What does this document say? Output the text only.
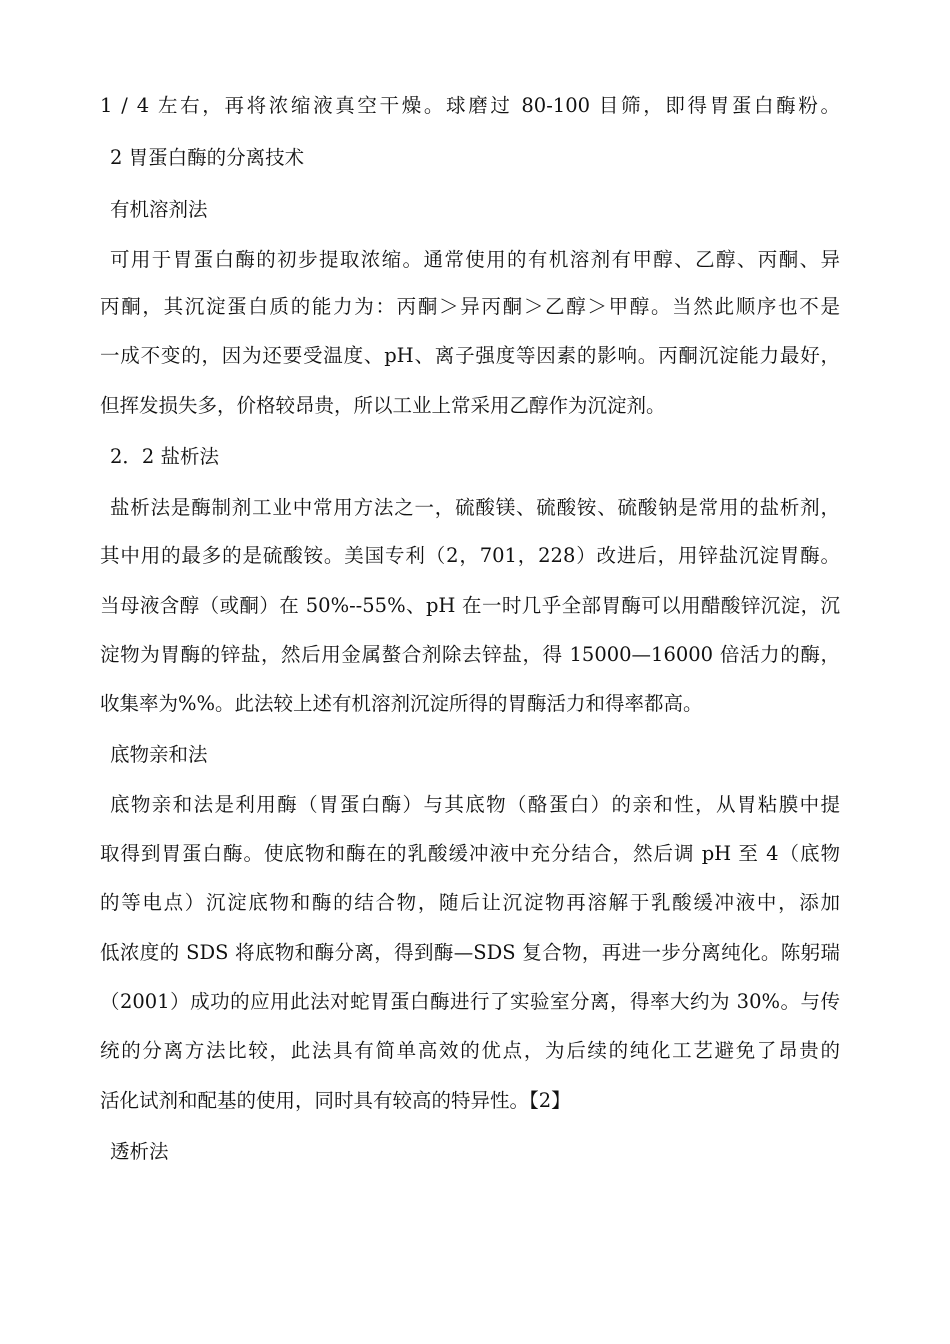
1 / 4 左右，再将浓缩液真空干燥。球磨过 80-100 目筛，即得胃蛋白酶粉。
2 胃蛋白酶的分离技术
有机溶剂法
可用于胃蛋白酶的初步提取浓缩。通常使用的有机溶剂有甲醇、乙醇、丙酮、异
丙酮，其沉淀蛋白质的能力为：丙酮＞异丙酮＞乙醇＞甲醇。当然此顺序也不是
一成不变的，因为还要受温度、pH、离子强度等因素的影响。丙酮沉淀能力最好，
但挥发损失多，价格较昂贵，所以工业上常采用乙醇作为沉淀剂。
2．2 盐析法
盐析法是酶制剂工业中常用方法之一，硫酸镁、硫酸铵、硫酸钠是常用的盐析剂，
其中用的最多的是硫酸铵。美国专利（2，701，228）改进后，用锌盐沉淀胃酶。
当母液含醇（或酮）在 50%--55%、pH 在一时几乎全部胃酶可以用醋酸锌沉淀，沉
淀物为胃酶的锌盐，然后用金属螯合剂除去锌盐，得 15000—16000 倍活力的酶，
收集率为%%。此法较上述有机溶剂沉淀所得的胃酶活力和得率都高。
底物亲和法
底物亲和法是利用酶（胃蛋白酶）与其底物（酪蛋白）的亲和性，从胃粘膜中提
取得到胃蛋白酶。使底物和酶在的乳酸缓冲液中充分结合，然后调 pH 至 4（底物
的等电点）沉淀底物和酶的结合物，随后让沉淀物再溶解于乳酸缓冲液中，添加
低浓度的 SDS 将底物和酶分离，得到酶—SDS 复合物，再进一步分离纯化。陈躬瑞
（2001）成功的应用此法对蛇胃蛋白酶进行了实验室分离，得率大约为 30%。与传
统的分离方法比较，此法具有简单高效的优点，为后续的纯化工艺避免了昂贵的
活化试剂和配基的使用，同时具有较高的特异性。【2】
透析法
